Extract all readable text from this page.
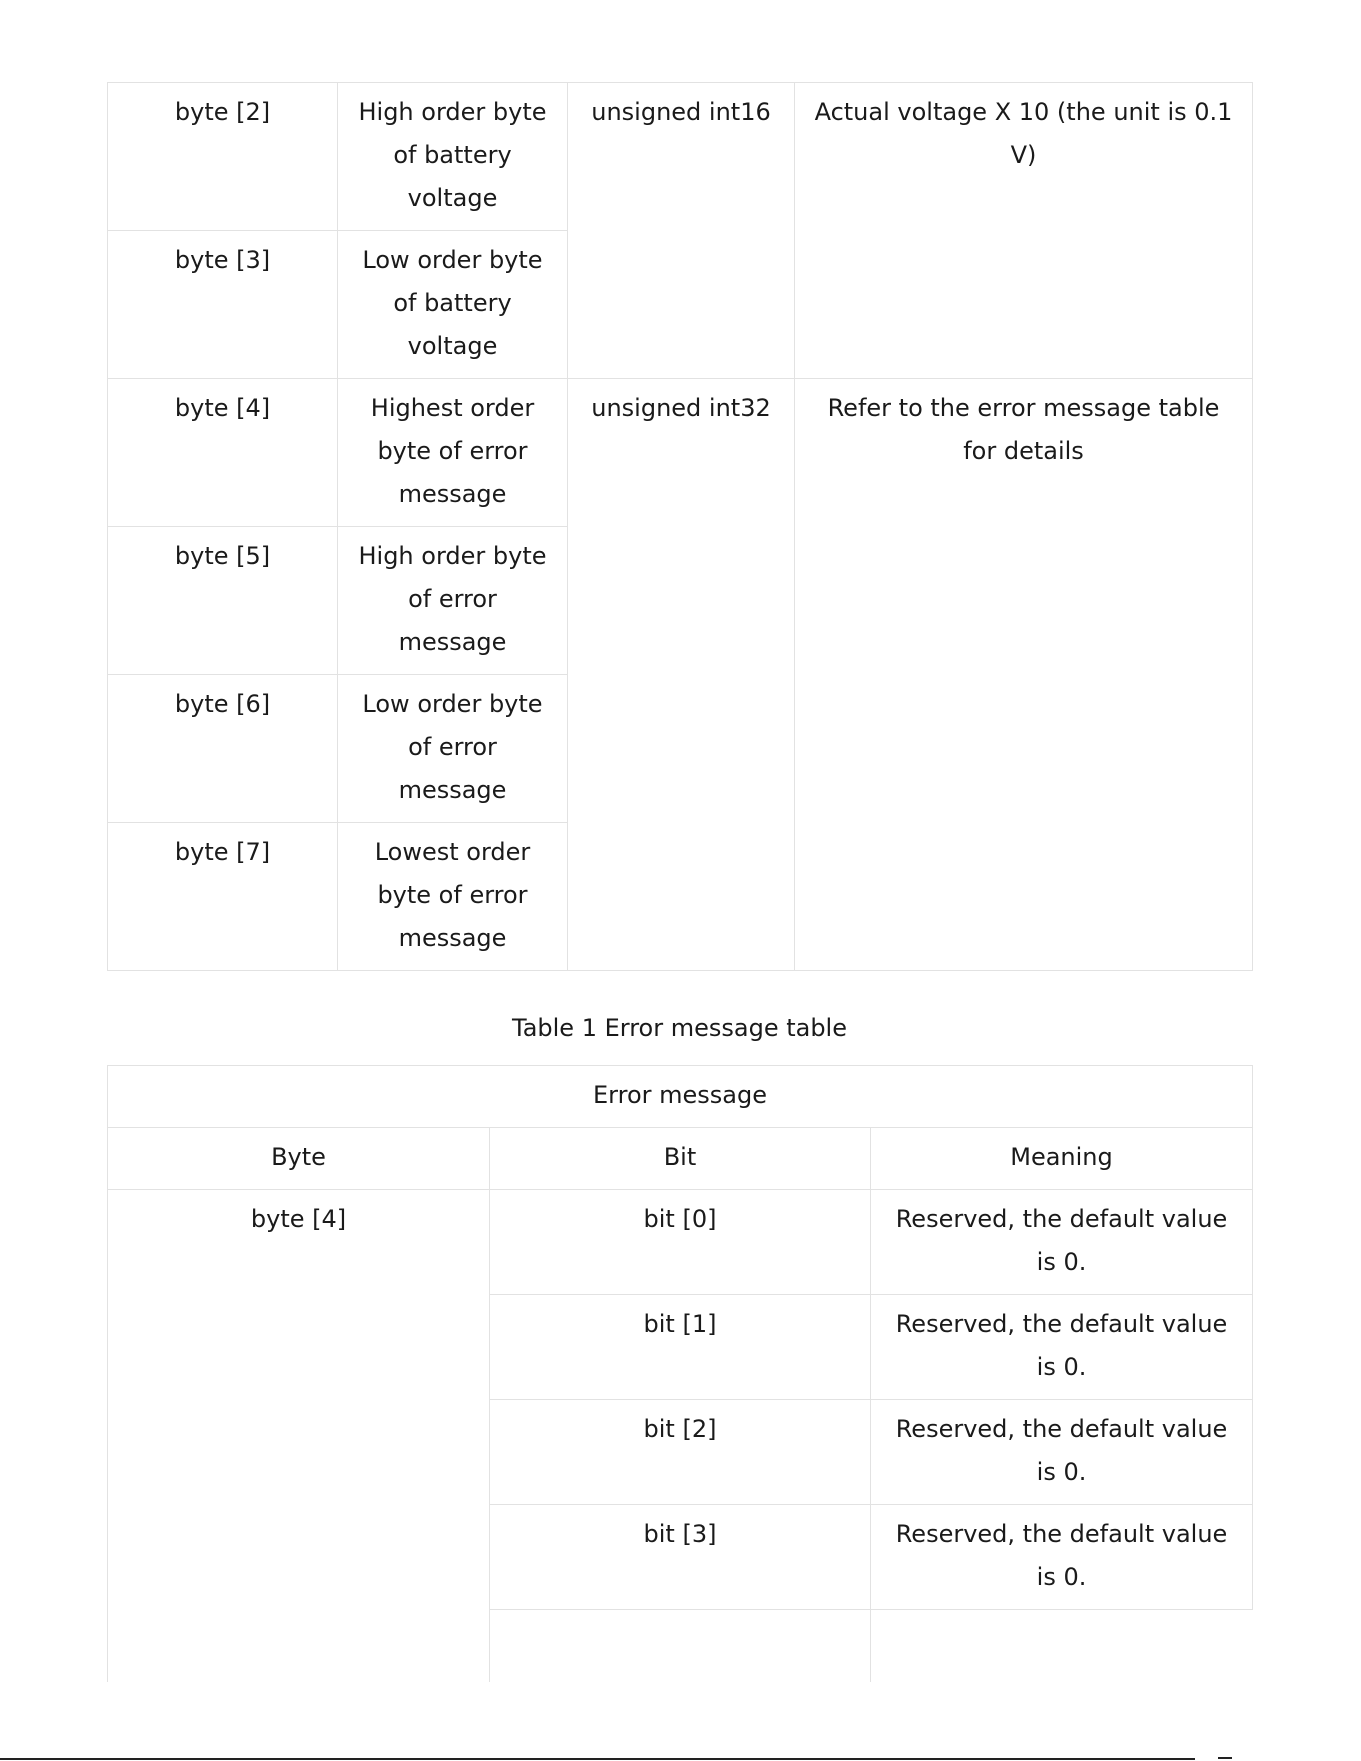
byte [2]	High order byte of battery voltage	unsigned int16	Actual voltage X 10 (the unit is 0.1 V)
byte [3]	Low order byte of battery voltage		
byte [4]	Highest order byte of error message	unsigned int32	Refer to the error message table for details
byte [5]	High order byte of error message		
byte [6]	Low order byte of error message		
byte [7]	Lowest order byte of error message		
Table 1 Error message table
Error message		
Byte	Bit	Meaning
byte [4]	bit [0]	Reserved, the default value is 0.
	bit [1]	Reserved, the default value is 0.
	bit [2]	Reserved, the default value is 0.
	bit [3]	Reserved, the default value is 0.
